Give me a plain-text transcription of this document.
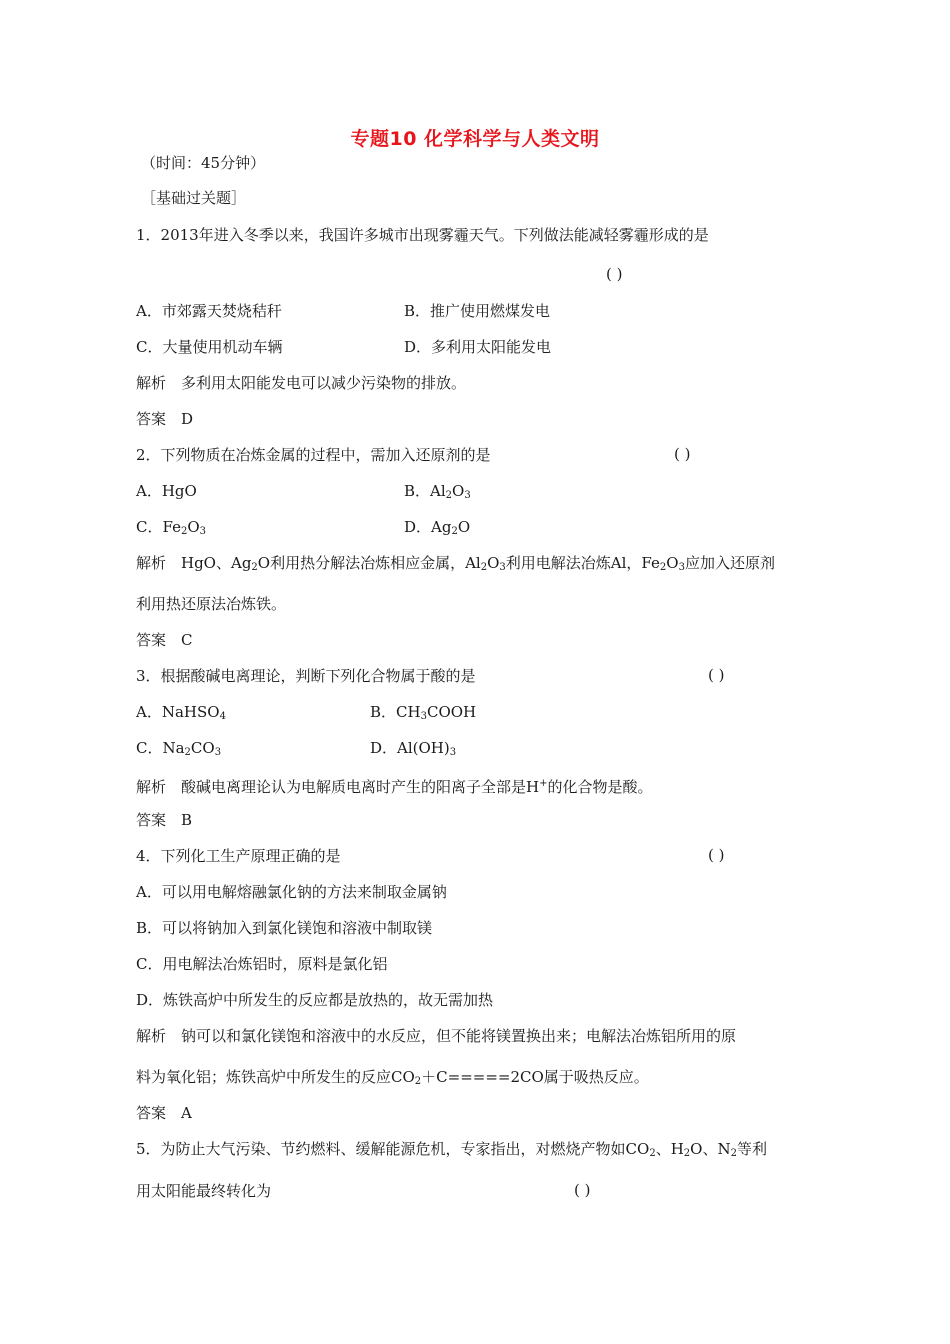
专题10 化学科学与人类文明
（时间：45分钟）
［基础过关题］
1．2013年进入冬季以来，我国许多城市出现雾霾天气。下列做法能减轻雾霾形成的是
( )
A．市郊露天焚烧秸秆	B．推广使用燃煤发电
C．大量使用机动车辆	D．多利用太阳能发电
解析　多利用太阳能发电可以减少污染物的排放。
答案　D
2．下列物质在冶炼金属的过程中，需加入还原剂的是	( )
A．HgO	B．$Al_2O_3$
C．$Fe_2O_3$	D．$Ag_2O$
解析　HgO、$Ag_2O$利用热分解法冶炼相应金属，$Al_2O_3$利用电解法冶炼Al，$Fe_2O_3$应加入还原剂
利用热还原法冶炼铁。
答案　C
3．根据酸碱电离理论，判断下列化合物属于酸的是	( )
A．NaHSO$_4$	B．$CH_3COOH$
C．$Na_2CO_3$	D．$Al(OH)_3$
解析　酸碱电离理论认为电解质电离时产生的阳离子全部是H+的化合物是酸。
答案　B
4．下列化工生产原理正确的是	( )
A．可以用电解熔融氯化钠的方法来制取金属钠
B．可以将钠加入到氯化镁饱和溶液中制取镁
C．用电解法冶炼铝时，原料是氯化铝
D．炼铁高炉中所发生的反应都是放热的，故无需加热
解析　钠可以和氯化镁饱和溶液中的水反应，但不能将镁置换出来；电解法冶炼铝所用的原
料为氧化铝；炼铁高炉中所发生的反应$CO_2+C=====2CO$属于吸热反应。
答案　A
5．为防止大气污染、节约燃料、缓解能源危机，专家指出，对燃烧产物如$CO_2$、$H_2O$、$N_2$等利
用太阳能最终转化为	( )
